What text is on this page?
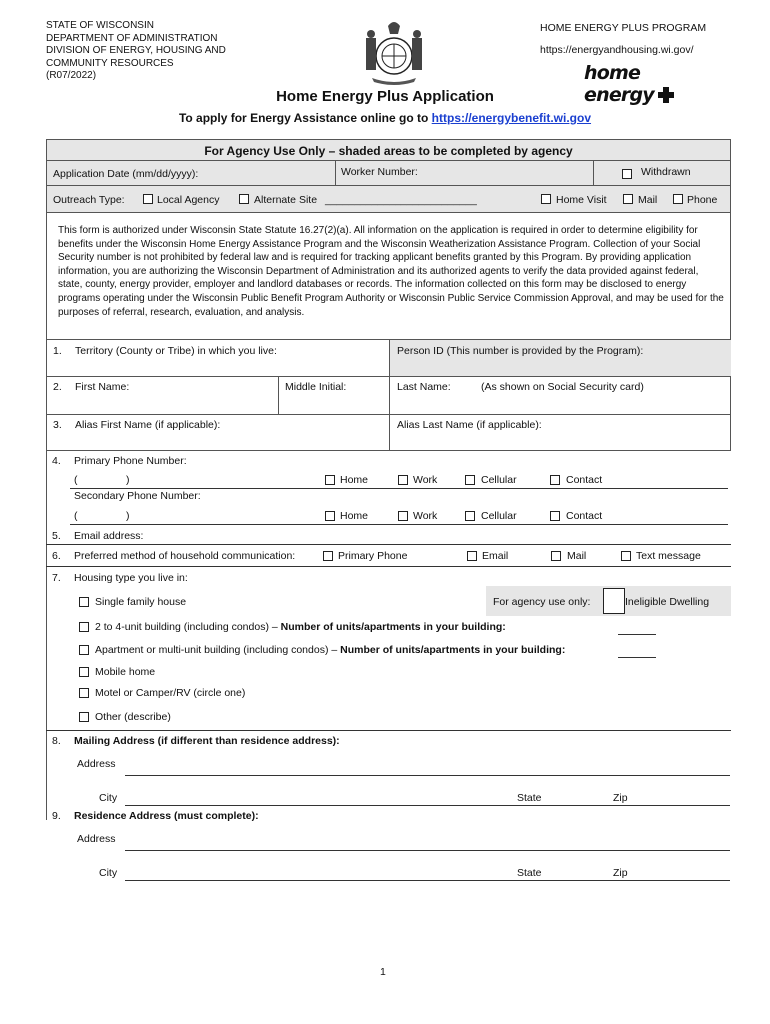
STATE OF WISCONSIN
DEPARTMENT OF ADMINISTRATION
DIVISION OF ENERGY, HOUSING AND
COMMUNITY RESOURCES
(R07/2022)
HOME ENERGY PLUS PROGRAM
https://energyandhousing.wi.gov/
home energy
Home Energy Plus Application
To apply for Energy Assistance online go to https://energybenefit.wi.gov
For Agency Use Only – shaded areas to be completed by agency
Application Date (mm/dd/yyyy):	Worker Number:	Withdrawn
Outreach Type:	Local Agency	Alternate Site __________________________	Home Visit	Mail	Phone
This form is authorized under Wisconsin State Statute 16.27(2)(a). All information on the application is required in order to determine eligibility for benefits under the Wisconsin Home Energy Assistance Program and the Wisconsin Weatherization Assistance Program. Collection of your Social Security number is not prohibited by federal law and is required for tracking applicant benefits granted by this Program. By providing application information, you are authorizing the Wisconsin Department of Administration and its authorized agents to verify the data provided against federal, state, county, energy provider, employer and landlord databases or records. The information collected on this form may be disclosed to energy programs operating under the Wisconsin Public Benefit Program Authority or Wisconsin Public Service Commission Approval, and may be used for the purposes of referral, research, evaluation, and analysis.
1. Territory (County or Tribe) in which you live:	Person ID (This number is provided by the Program):
2. First Name:	Middle Initial:	Last Name:	(As shown on Social Security card)
3. Alias First Name (if applicable):	Alias Last Name (if applicable):
4. Primary Phone Number:
(	)	Home	Work	Cellular	Contact
Secondary Phone Number:
(	)	Home	Work	Cellular	Contact
5. Email address:
6. Preferred method of household communication:	Primary Phone	Email	Mail	Text message
7. Housing type you live in:
Single family house	For agency use only:	Ineligible Dwelling
2 to 4-unit building (including condos) – Number of units/apartments in your building:
Apartment or multi-unit building (including condos) – Number of units/apartments in your building:
Mobile home
Motel or Camper/RV (circle one)
Other (describe)
8. Mailing Address (if different than residence address):
Address
City	State	Zip
9. Residence Address (must complete):
Address
City	State	Zip
1
